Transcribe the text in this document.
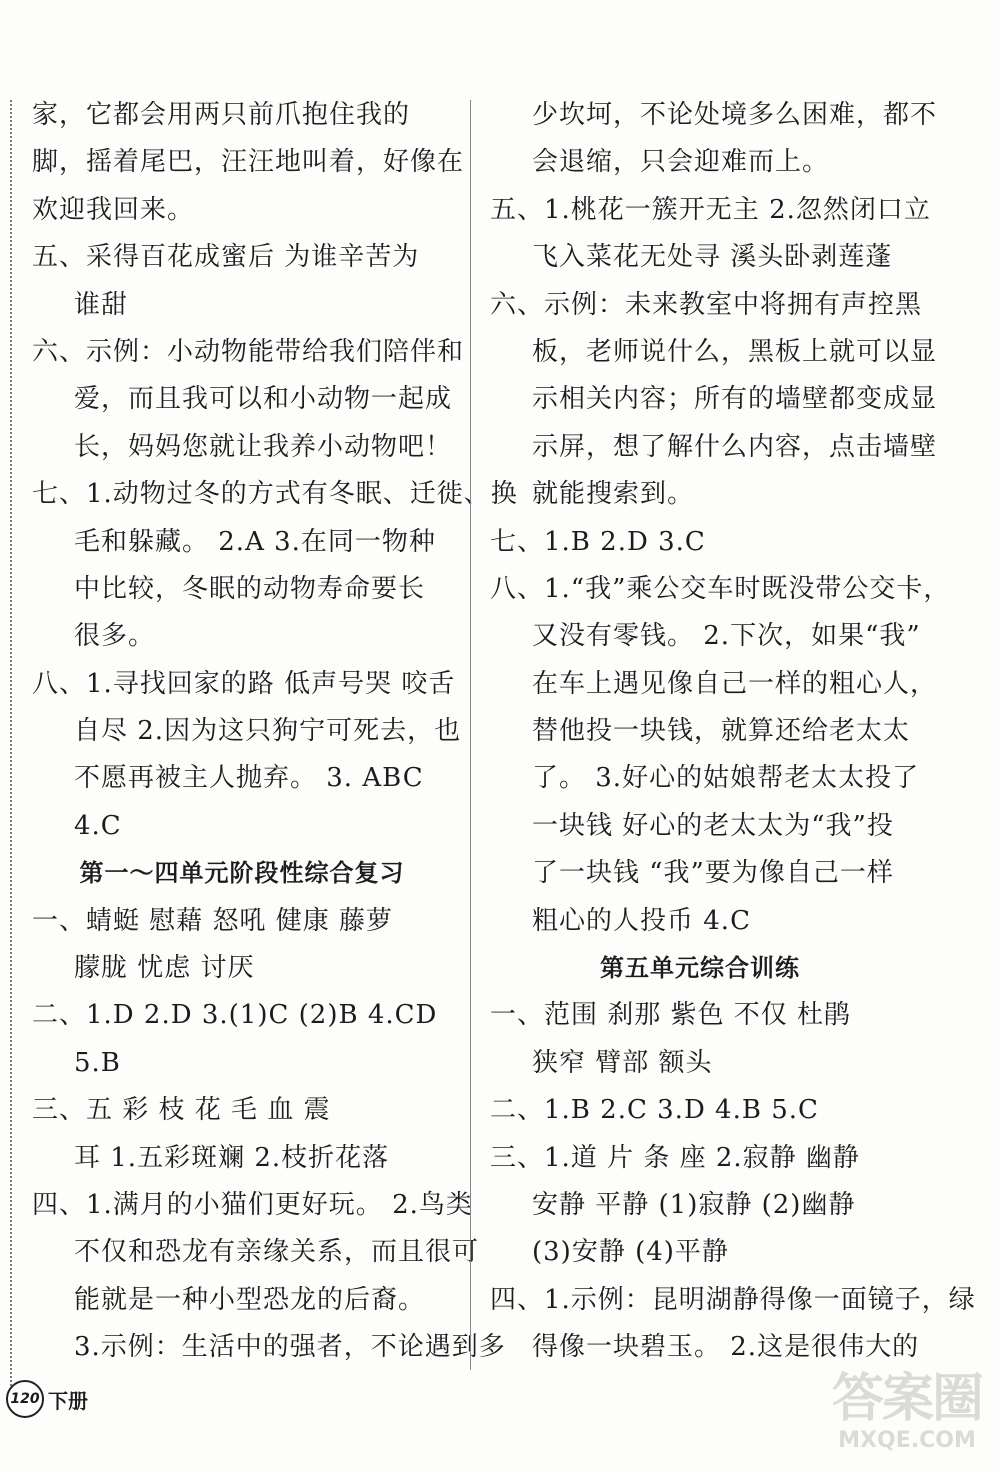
家，它都会用两只前爪抱住我的
脚，摇着尾巴，汪汪地叫着，好像在
欢迎我回来。
五、采得百花成蜜后 为谁辛苦为
谁甜
六、示例：小动物能带给我们陪伴和
爱，而且我可以和小动物一起成
长，妈妈您就让我养小动物吧！
七、1.动物过冬的方式有冬眠、迁徙、换
毛和躲藏。 2.A 3.在同一物种
中比较，冬眠的动物寿命要长
很多。
八、1.寻找回家的路 低声号哭 咬舌
自尽 2.因为这只狗宁可死去，也
不愿再被主人抛弃。 3. ABC
4.C
第一～四单元阶段性综合复习
一、蜻蜓 慰藉 怒吼 健康 藤萝
朦胧 忧虑 讨厌
二、1.D 2.D 3.(1)C (2)B 4.CD
5.B
三、五 彩 枝 花 毛 血 震
耳 1.五彩斑斓 2.枝折花落
四、1.满月的小猫们更好玩。 2.鸟类
不仅和恐龙有亲缘关系，而且很可
能就是一种小型恐龙的后裔。
3.示例：生活中的强者，不论遇到多
少坎坷，不论处境多么困难，都不
会退缩，只会迎难而上。
五、1.桃花一簇开无主 2.忽然闭口立
飞入菜花无处寻 溪头卧剥莲蓬
六、示例：未来教室中将拥有声控黑
板，老师说什么，黑板上就可以显
示相关内容；所有的墙壁都变成显
示屏，想了解什么内容，点击墙壁
就能搜索到。
七、1.B 2.D 3.C
八、1.“我”乘公交车时既没带公交卡，
又没有零钱。 2.下次，如果“我”
在车上遇见像自己一样的粗心人，
替他投一块钱，就算还给老太太
了。 3.好心的姑娘帮老太太投了
一块钱 好心的老太太为“我”投
了一块钱 “我”要为像自己一样
粗心的人投币 4.C
第五单元综合训练
一、范围 刹那 紫色 不仅 杜鹃
狭窄 臂部 额头
二、1.B 2.C 3.D 4.B 5.C
三、1.道 片 条 座 2.寂静 幽静
安静 平静 (1)寂静 (2)幽静
(3)安静 (4)平静
四、1.示例：昆明湖静得像一面镜子，绿
得像一块碧玉。 2.这是很伟大的
120 下册	答案圈
MXQE.COM
